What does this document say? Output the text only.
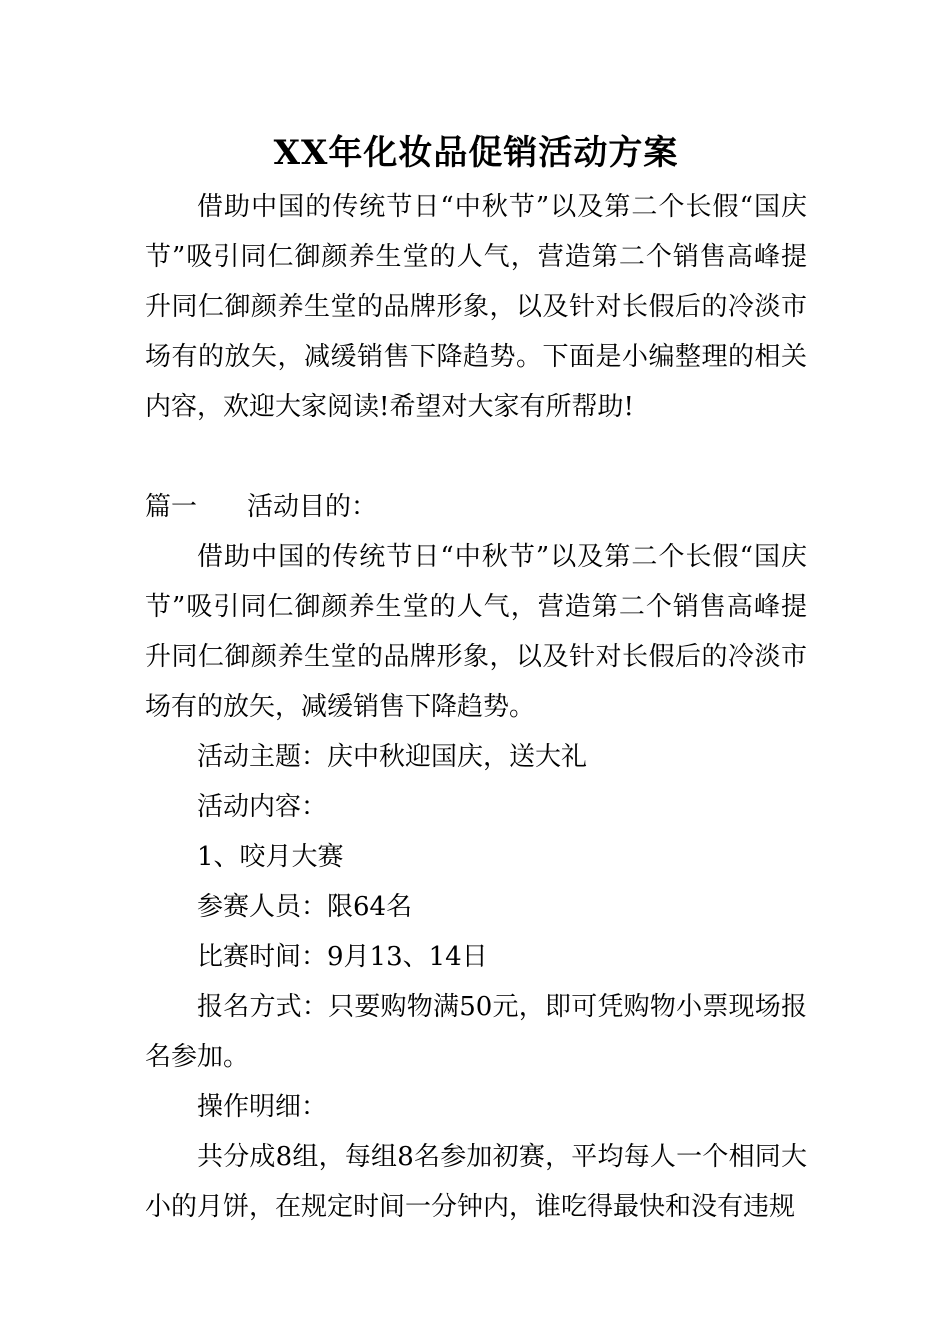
XX年化妆品促销活动方案

借助中国的传统节日“中秋节”以及第二个长假“国庆节”吸引同仁御颜养生堂的人气，营造第二个销售高峰提升同仁御颜养生堂的品牌形象，以及针对长假后的冷淡市场有的放矢，减缓销售下降趋势。下面是小编整理的相关内容，欢迎大家阅读!希望对大家有所帮助!

篇一 活动目的：

借助中国的传统节日“中秋节”以及第二个长假“国庆节”吸引同仁御颜养生堂的人气，营造第二个销售高峰提升同仁御颜养生堂的品牌形象，以及针对长假后的冷淡市场有的放矢，减缓销售下降趋势。

活动主题：庆中秋迎国庆，送大礼

活动内容：

1、咬月大赛

参赛人员：限64名

比赛时间：9月13、14日

报名方式：只要购物满50元，即可凭购物小票现场报名参加。

操作明细：

共分成8组，每组8名参加初赛，平均每人一个相同大小的月饼，在规定时间一分钟内，谁吃得最快和没有违规
